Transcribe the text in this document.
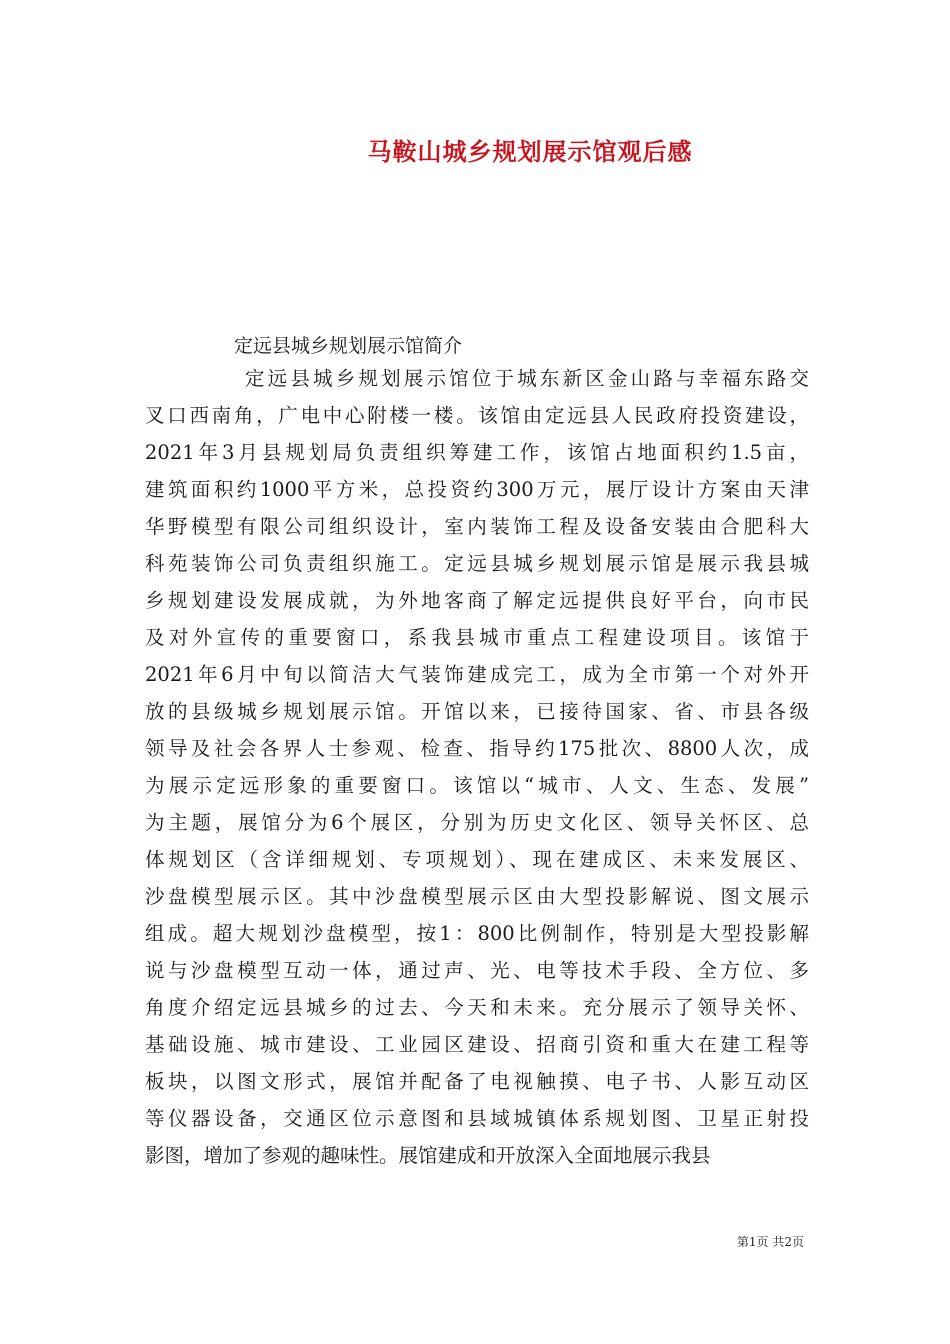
马鞍山城乡规划展示馆观后感

定远县城乡规划展示馆简介

定远县城乡规划展示馆位于城东新区金山路与幸福东路交
叉口西南角，广电中心附楼一楼。该馆由定远县人民政府投资建设，
2021年3月县规划局负责组织筹建工作，该馆占地面积约1.5亩，
建筑面积约1000平方米，总投资约300万元，展厅设计方案由天津
华野模型有限公司组织设计，室内装饰工程及设备安装由合肥科大
科苑装饰公司负责组织施工。定远县城乡规划展示馆是展示我县城
乡规划建设发展成就，为外地客商了解定远提供良好平台，向市民
及对外宣传的重要窗口，系我县城市重点工程建设项目。该馆于
2021年6月中旬以简洁大气装饰建成完工，成为全市第一个对外开
放的县级城乡规划展示馆。开馆以来，已接待国家、省、市县各级
领导及社会各界人士参观、检查、指导约175批次、8800人次，成
为展示定远形象的重要窗口。该馆以“城市、人文、生态、发展”
为主题，展馆分为6个展区，分别为历史文化区、领导关怀区、总
体规划区（含详细规划、专项规划）、现在建成区、未来发展区、
沙盘模型展示区。其中沙盘模型展示区由大型投影解说、图文展示
组成。超大规划沙盘模型，按1：800比例制作，特别是大型投影解
说与沙盘模型互动一体，通过声、光、电等技术手段、全方位、多
角度介绍定远县城乡的过去、今天和未来。充分展示了领导关怀、
基础设施、城市建设、工业园区建设、招商引资和重大在建工程等
板块，以图文形式，展馆并配备了电视触摸、电子书、人影互动区
等仪器设备，交通区位示意图和县域城镇体系规划图、卫星正射投
影图，增加了参观的趣味性。展馆建成和开放深入全面地展示我县
第1页 共2页
